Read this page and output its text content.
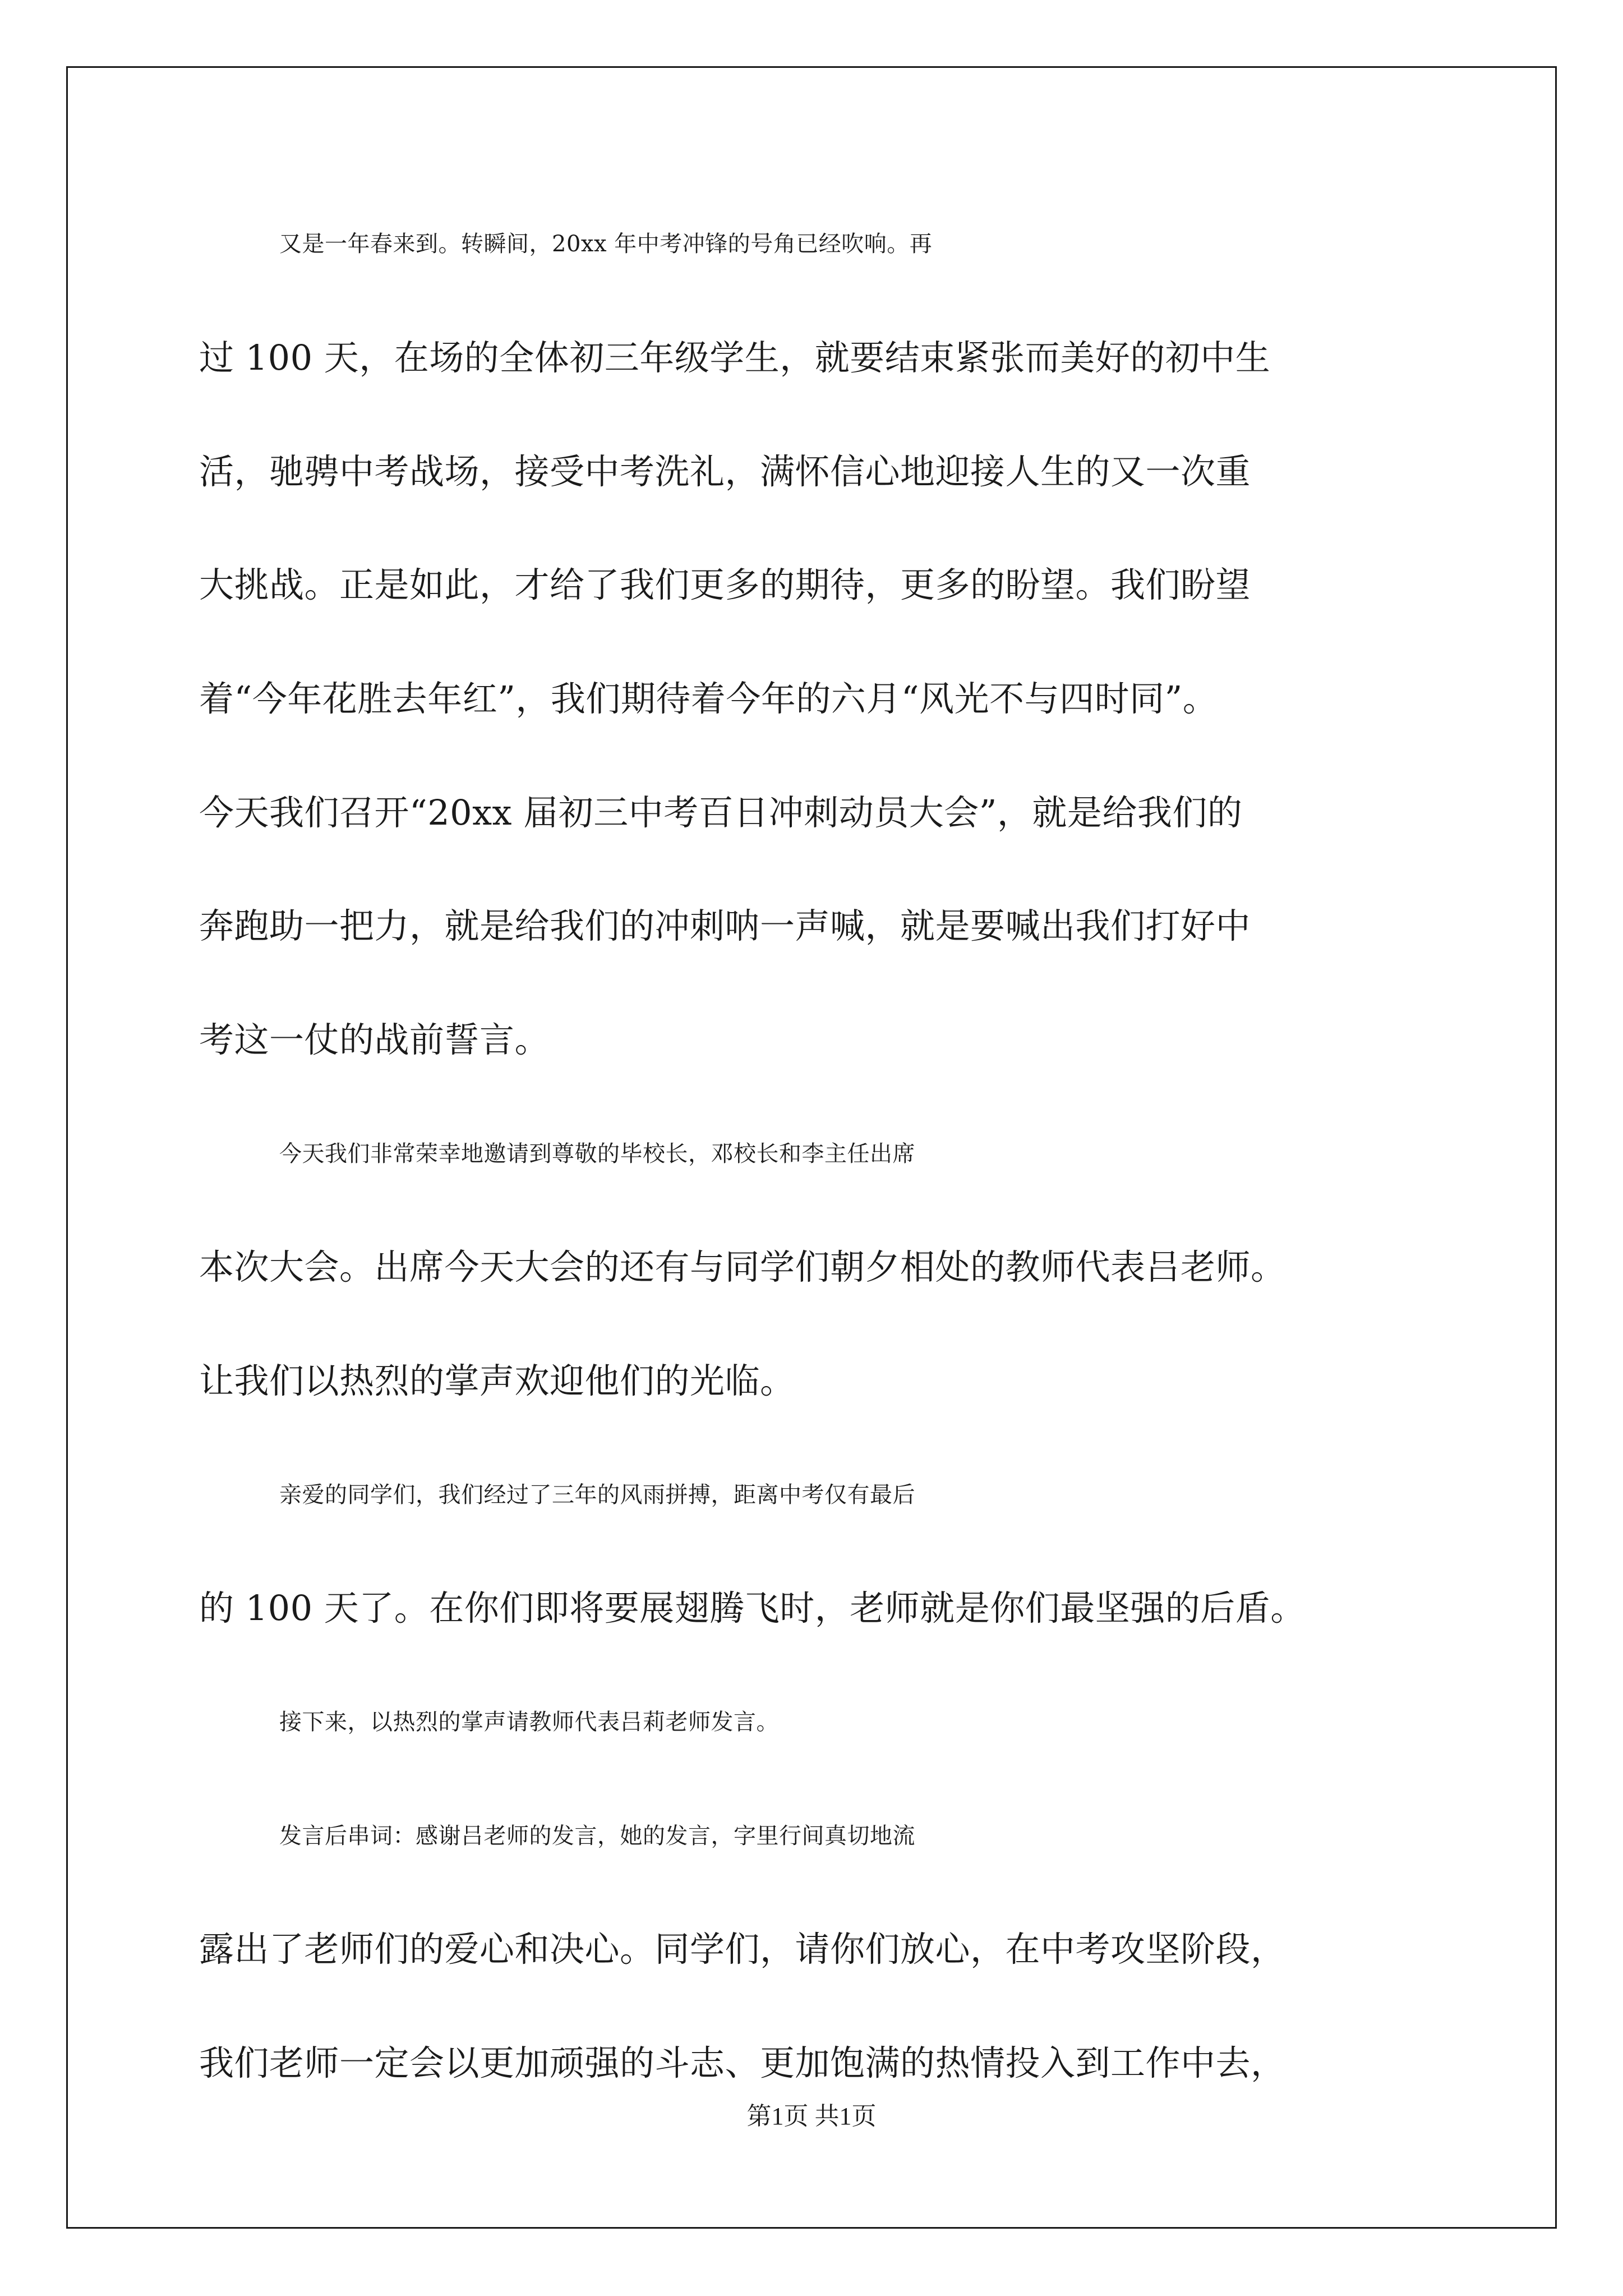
又是一年春来到。转瞬间，20xx 年中考冲锋的号角已经吹响。再
过 100 天，在场的全体初三年级学生，就要结束紧张而美好的初中生
活，驰骋中考战场，接受中考洗礼，满怀信心地迎接人生的又一次重
大挑战。正是如此，才给了我们更多的期待，更多的盼望。我们盼望
着“今年花胜去年红”，我们期待着今年的六月“风光不与四时同”。
今天我们召开“20xx 届初三中考百日冲刺动员大会”，就是给我们的
奔跑助一把力，就是给我们的冲刺呐一声喊，就是要喊出我们打好中
考这一仗的战前誓言。
今天我们非常荣幸地邀请到尊敬的毕校长，邓校长和李主任出席
本次大会。出席今天大会的还有与同学们朝夕相处的教师代表吕老师。
让我们以热烈的掌声欢迎他们的光临。
亲爱的同学们，我们经过了三年的风雨拼搏，距离中考仅有最后
的 100 天了。在你们即将要展翅腾飞时，老师就是你们最坚强的后盾。
接下来，以热烈的掌声请教师代表吕莉老师发言。
发言后串词：感谢吕老师的发言，她的发言，字里行间真切地流
露出了老师们的爱心和决心。同学们，请你们放心，在中考攻坚阶段，
我们老师一定会以更加顽强的斗志、更加饱满的热情投入到工作中去，
第1页 共1页
